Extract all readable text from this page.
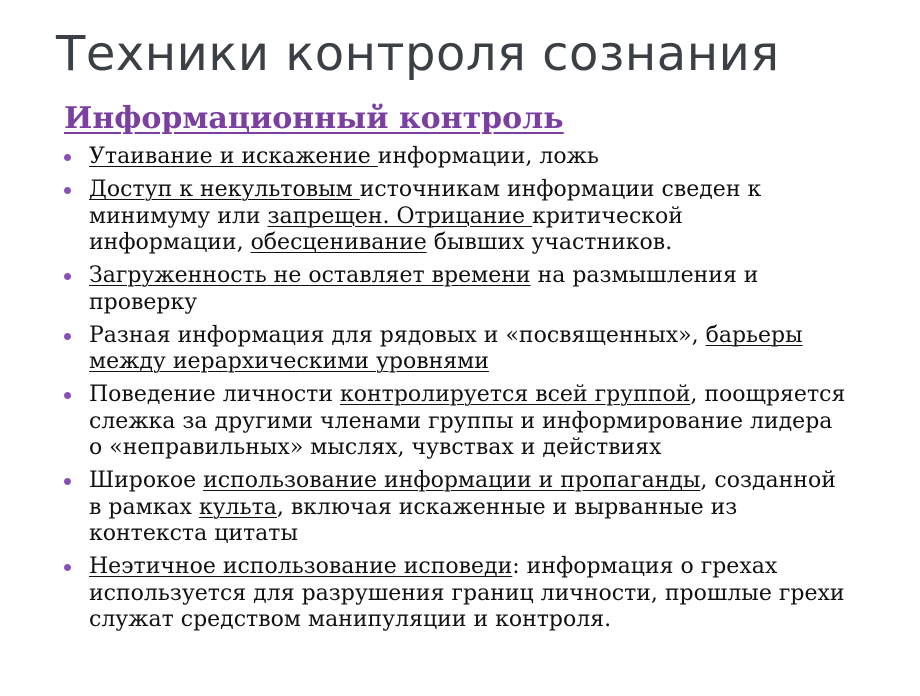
Техники контроля сознания
Информационный контроль
Утаивание и искажение информации, ложь
Доступ к некультовым источникам информации сведен к
минимуму или запрещен. Отрицание критической
информации, обесценивание бывших участников.
Загруженность не оставляет времени на размышления и
проверку
Разная информация для рядовых и «посвященных», барьеры
между иерархическими уровнями
Поведение личности контролируется всей группой, поощряется
слежка за другими членами группы и информирование лидера
о «неправильных» мыслях, чувствах и действиях
Широкое использование информации и пропаганды, созданной
в рамках культа, включая искаженные и вырванные из
контекста цитаты
Неэтичное использование исповеди: информация о грехах
используется для разрушения границ личности, прошлые грехи
служат средством манипуляции и контроля.
